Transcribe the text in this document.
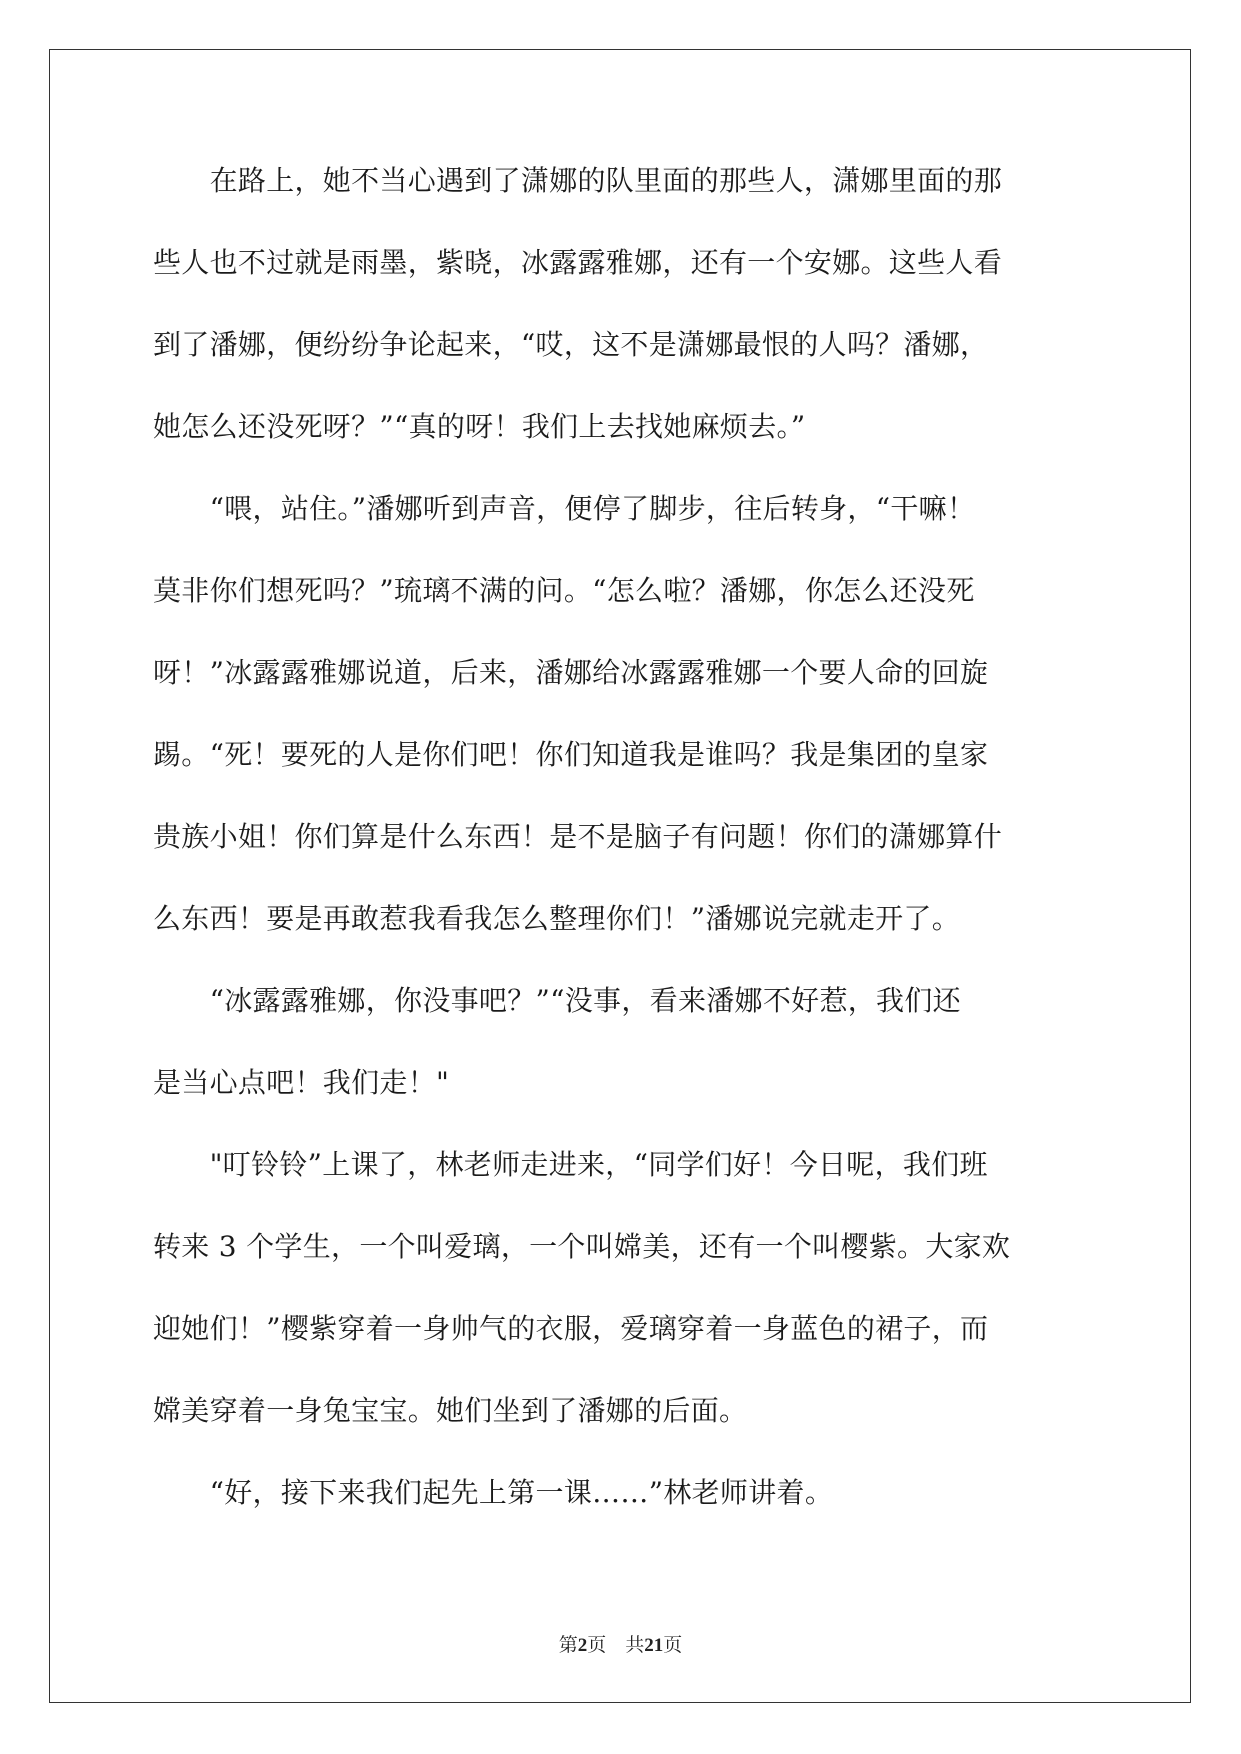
　　在路上，她不当心遇到了潇娜的队里面的那些人，潇娜里面的那
些人也不过就是雨墨，紫晓，冰露露雅娜，还有一个安娜。这些人看
到了潘娜，便纷纷争论起来，“哎，这不是潇娜最恨的人吗？潘娜，
她怎么还没死呀？”“真的呀！我们上去找她麻烦去。”
　　“喂，站住。”潘娜听到声音，便停了脚步，往后转身，“干嘛！
莫非你们想死吗？”琉璃不满的问。“怎么啦？潘娜，你怎么还没死
呀！”冰露露雅娜说道，后来，潘娜给冰露露雅娜一个要人命的回旋
踢。“死！要死的人是你们吧！你们知道我是谁吗？我是集团的皇家
贵族小姐！你们算是什么东西！是不是脑子有问题！你们的潇娜算什
么东西！要是再敢惹我看我怎么整理你们！”潘娜说完就走开了。
　　“冰露露雅娜，你没事吧？”“没事，看来潘娜不好惹，我们还
是当心点吧！我们走！"
　　"叮铃铃”上课了，林老师走进来，“同学们好！今日呢，我们班
转来 3 个学生，一个叫爱璃，一个叫嫦美，还有一个叫樱紫。大家欢
迎她们！”樱紫穿着一身帅气的衣服，爱璃穿着一身蓝色的裙子，而
嫦美穿着一身兔宝宝。她们坐到了潘娜的后面。
　　“好，接下来我们起先上第一课……”林老师讲着。
第2页　共21页
